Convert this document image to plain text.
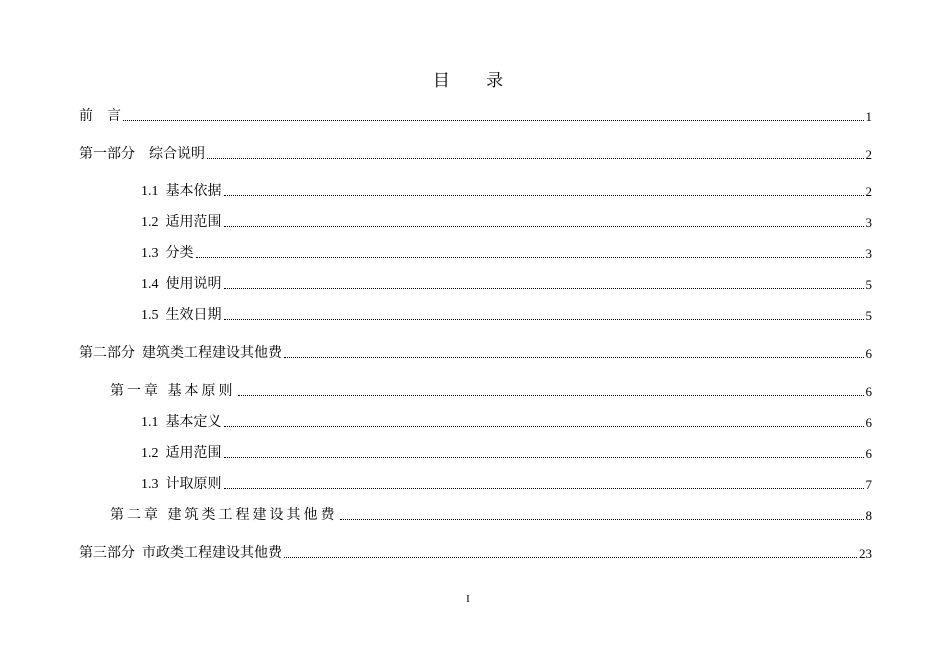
目 录
前    言	1
第一部分    综合说明	2
1.1  基本依据	2
1.2  适用范围	3
1.3  分类	3
1.4  使用说明	5
1.5  生效日期	5
第二部分  建筑类工程建设其他费	6
第一章 基本原则	6
1.1  基本定义	6
1.2  适用范围	6
1.3  计取原则	7
第二章 建筑类工程建设其他费	8
第三部分  市政类工程建设其他费	23
I
